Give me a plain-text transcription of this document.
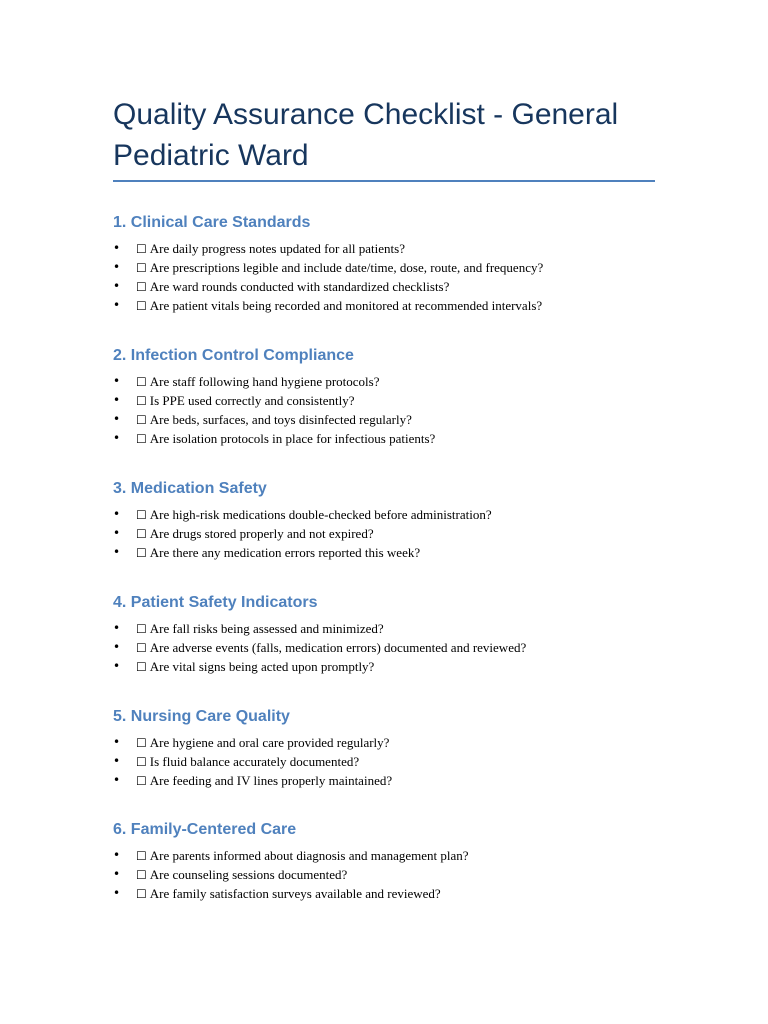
Quality Assurance Checklist - General Pediatric Ward
1. Clinical Care Standards
• ☐ Are daily progress notes updated for all patients?
• ☐ Are prescriptions legible and include date/time, dose, route, and frequency?
• ☐ Are ward rounds conducted with standardized checklists?
• ☐ Are patient vitals being recorded and monitored at recommended intervals?
2. Infection Control Compliance
• ☐ Are staff following hand hygiene protocols?
• ☐ Is PPE used correctly and consistently?
• ☐ Are beds, surfaces, and toys disinfected regularly?
• ☐ Are isolation protocols in place for infectious patients?
3. Medication Safety
• ☐ Are high-risk medications double-checked before administration?
• ☐ Are drugs stored properly and not expired?
• ☐ Are there any medication errors reported this week?
4. Patient Safety Indicators
• ☐ Are fall risks being assessed and minimized?
• ☐ Are adverse events (falls, medication errors) documented and reviewed?
• ☐ Are vital signs being acted upon promptly?
5. Nursing Care Quality
• ☐ Are hygiene and oral care provided regularly?
• ☐ Is fluid balance accurately documented?
• ☐ Are feeding and IV lines properly maintained?
6. Family-Centered Care
• ☐ Are parents informed about diagnosis and management plan?
• ☐ Are counseling sessions documented?
• ☐ Are family satisfaction surveys available and reviewed?
